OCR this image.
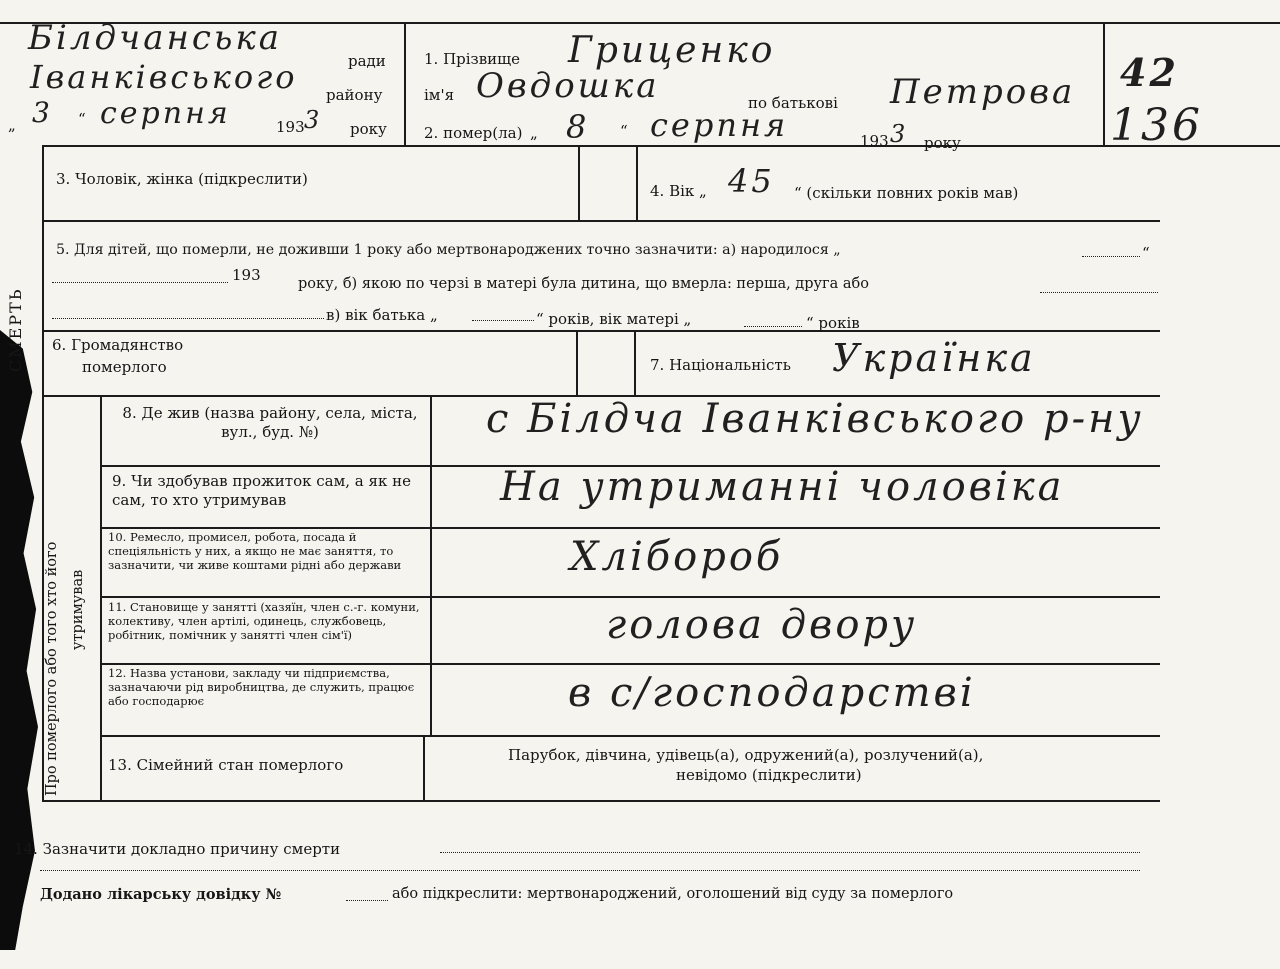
Білдчанська
ради
Іванківського району
„ 3 “ серпня	193 3 року
1. Прізвище Гриценко
ім'я Овдошка	по батькові Петрова
2. помер(ла) „ 8 “ серпня	193 3 року
42
136
3. Чоловік, жінка (підкреслити)
4. Вік „ 45 “ (скільки повних років мав)
5. Для дітей, що померли, не доживши 1 року або мертвонароджених точно зазначити: а) народилося „	“
193	року, б) якою по черзі в матері була дитина, що вмерла: перша, друга або
в) вік батька „	“ років, вік матері „	“ років
6. Громадянство
померлого	7. Національність Українка
Про померлого або того хто його утримував
СМЕРТЬ
8. Де жив (назва району, села, міста, вул., буд. №)	с Білдча Іванківського р-ну
9. Чи здобував прожиток сам, а як не сам, то хто утримував	На утриманні чоловіка
10. Ремесло, промисел, робота, посада й спеціяльність у них, а якщо не має заняття, то зазначити, чи живе коштами рідні або держави	Хлібороб
11. Становище у занятті (хазяїн, член с.-г. комуни, колективу, член артілі, одинець, службовець, робітник, помічник у занятті член сім'ї)	голова двору
12. Назва установи, закладу чи підприємства, зазначаючи рід виробництва, де служить, працює або господарює	в с/господарстві
13. Сімейний стан померлого
Парубок, дівчина, удівець(а), одружений(а), розлучений(а),
невідомо (підкреслити)
14. Зазначити докладно причину смерти
Додано лікарську довідку №	або підкреслити: мертвонароджений, оголошений від суду за померлого
